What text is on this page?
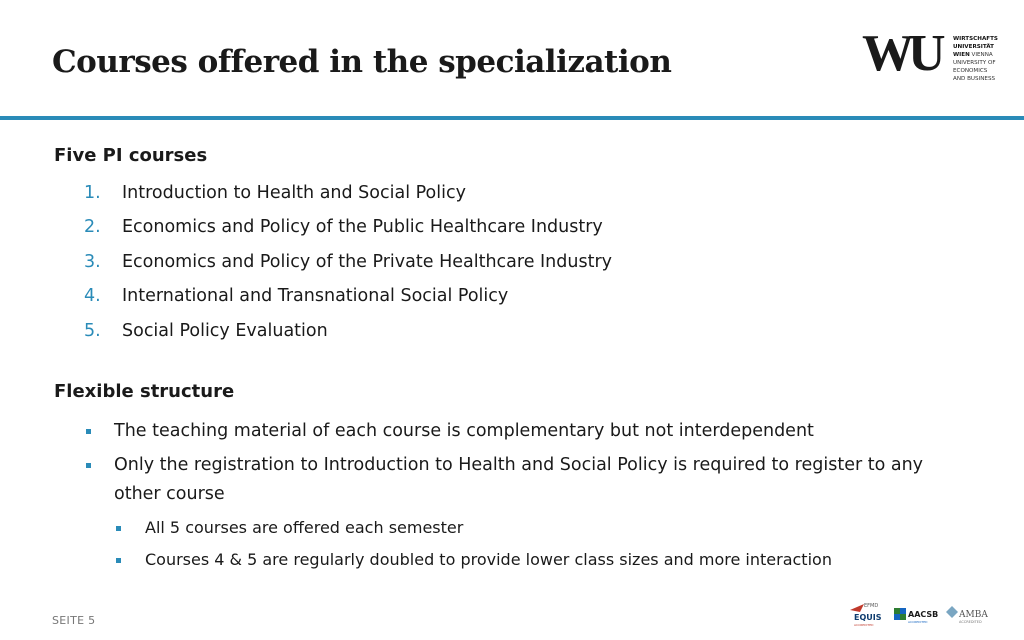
Courses offered in the specialization	WU WIRTSCHAFTS
UNIVERSITÄT
WIEN VIENNA
UNIVERSITY OF
ECONOMICS
AND BUSINESS
Five PI courses
1. Introduction to Health and Social Policy
2. Economics and Policy of the Public Healthcare Industry
3. Economics and Policy of the Private Healthcare Industry
4. International and Transnational Social Policy
5. Social Policy Evaluation
Flexible structure
The teaching material of each course is complementary but not interdependent
Only the registration to Introduction to Health and Social Policy is required to register to any other course
All 5 courses are offered each semester
Courses 4 & 5 are regularly doubled to provide lower class sizes and more interaction
SEITE 5
EFMD
EQUIS
ACCREDITED
AACSB
ACCREDITED
AMBA
ACCREDITED
